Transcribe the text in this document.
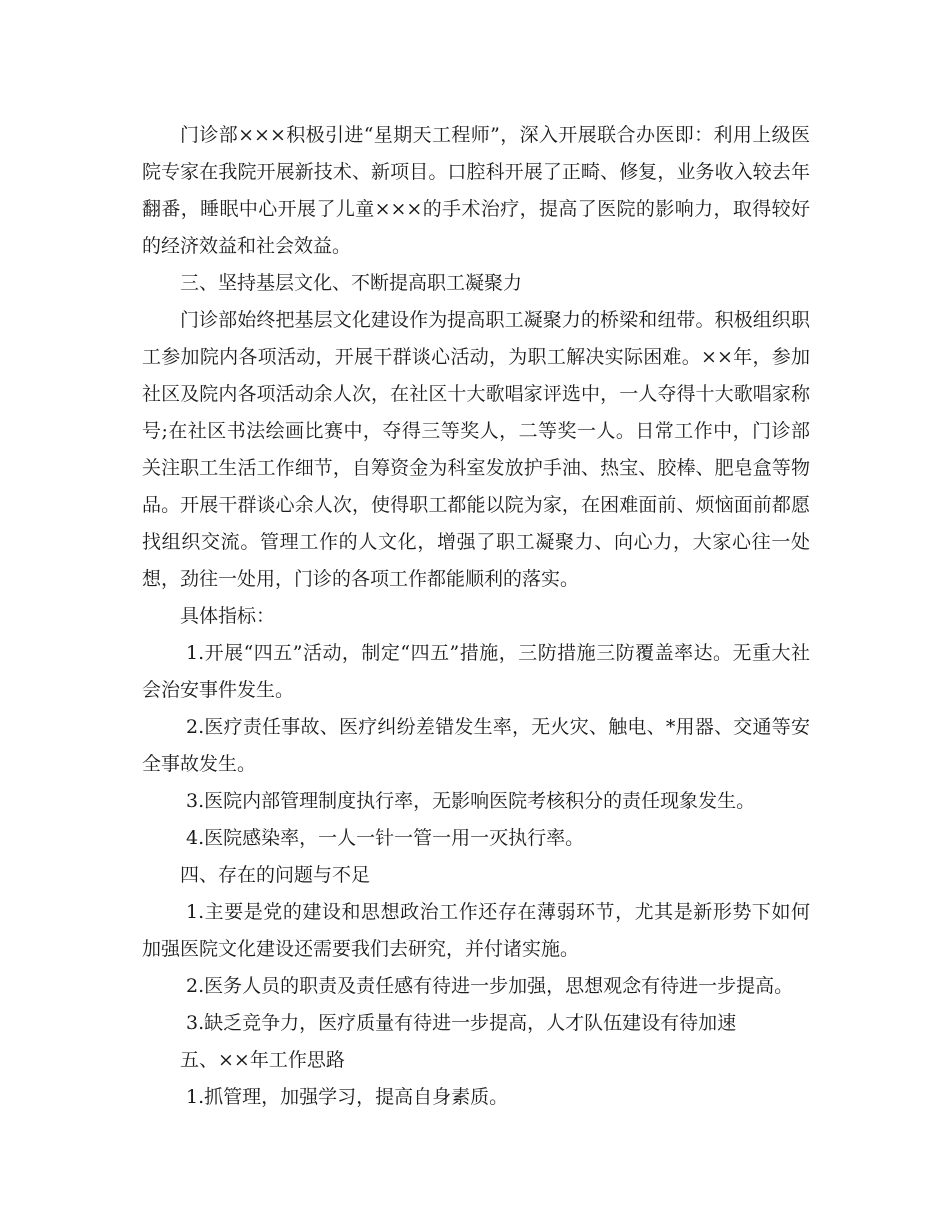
门诊部×××积极引进“星期天工程师”，深入开展联合办医即：利用上级医院专家在我院开展新技术、新项目。口腔科开展了正畸、修复，业务收入较去年翻番，睡眠中心开展了儿童×××的手术治疗，提高了医院的影响力，取得较好的经济效益和社会效益。

三、坚持基层文化、不断提高职工凝聚力

门诊部始终把基层文化建设作为提高职工凝聚力的桥梁和纽带。积极组织职工参加院内各项活动，开展干群谈心活动，为职工解决实际困难。××年，参加社区及院内各项活动余人次，在社区十大歌唱家评选中，一人夺得十大歌唱家称号;在社区书法绘画比赛中，夺得三等奖人，二等奖一人。日常工作中，门诊部关注职工生活工作细节，自筹资金为科室发放护手油、热宝、胶棒、肥皂盒等物品。开展干群谈心余人次，使得职工都能以院为家，在困难面前、烦恼面前都愿找组织交流。管理工作的人文化，增强了职工凝聚力、向心力，大家心往一处想，劲往一处用，门诊的各项工作都能顺利的落实。

具体指标：

1.开展“四五”活动，制定“四五”措施，三防措施三防覆盖率达。无重大社会治安事件发生。

2.医疗责任事故、医疗纠纷差错发生率，无火灾、触电、*用器、交通等安全事故发生。

3.医院内部管理制度执行率，无影响医院考核积分的责任现象发生。

4.医院感染率，一人一针一管一用一灭执行率。

四、存在的问题与不足

1.主要是党的建设和思想政治工作还存在薄弱环节，尤其是新形势下如何加强医院文化建设还需要我们去研究，并付诸实施。

2.医务人员的职责及责任感有待进一步加强，思想观念有待进一步提高。

3.缺乏竞争力，医疗质量有待进一步提高，人才队伍建设有待加速

五、××年工作思路

1.抓管理，加强学习，提高自身素质。
